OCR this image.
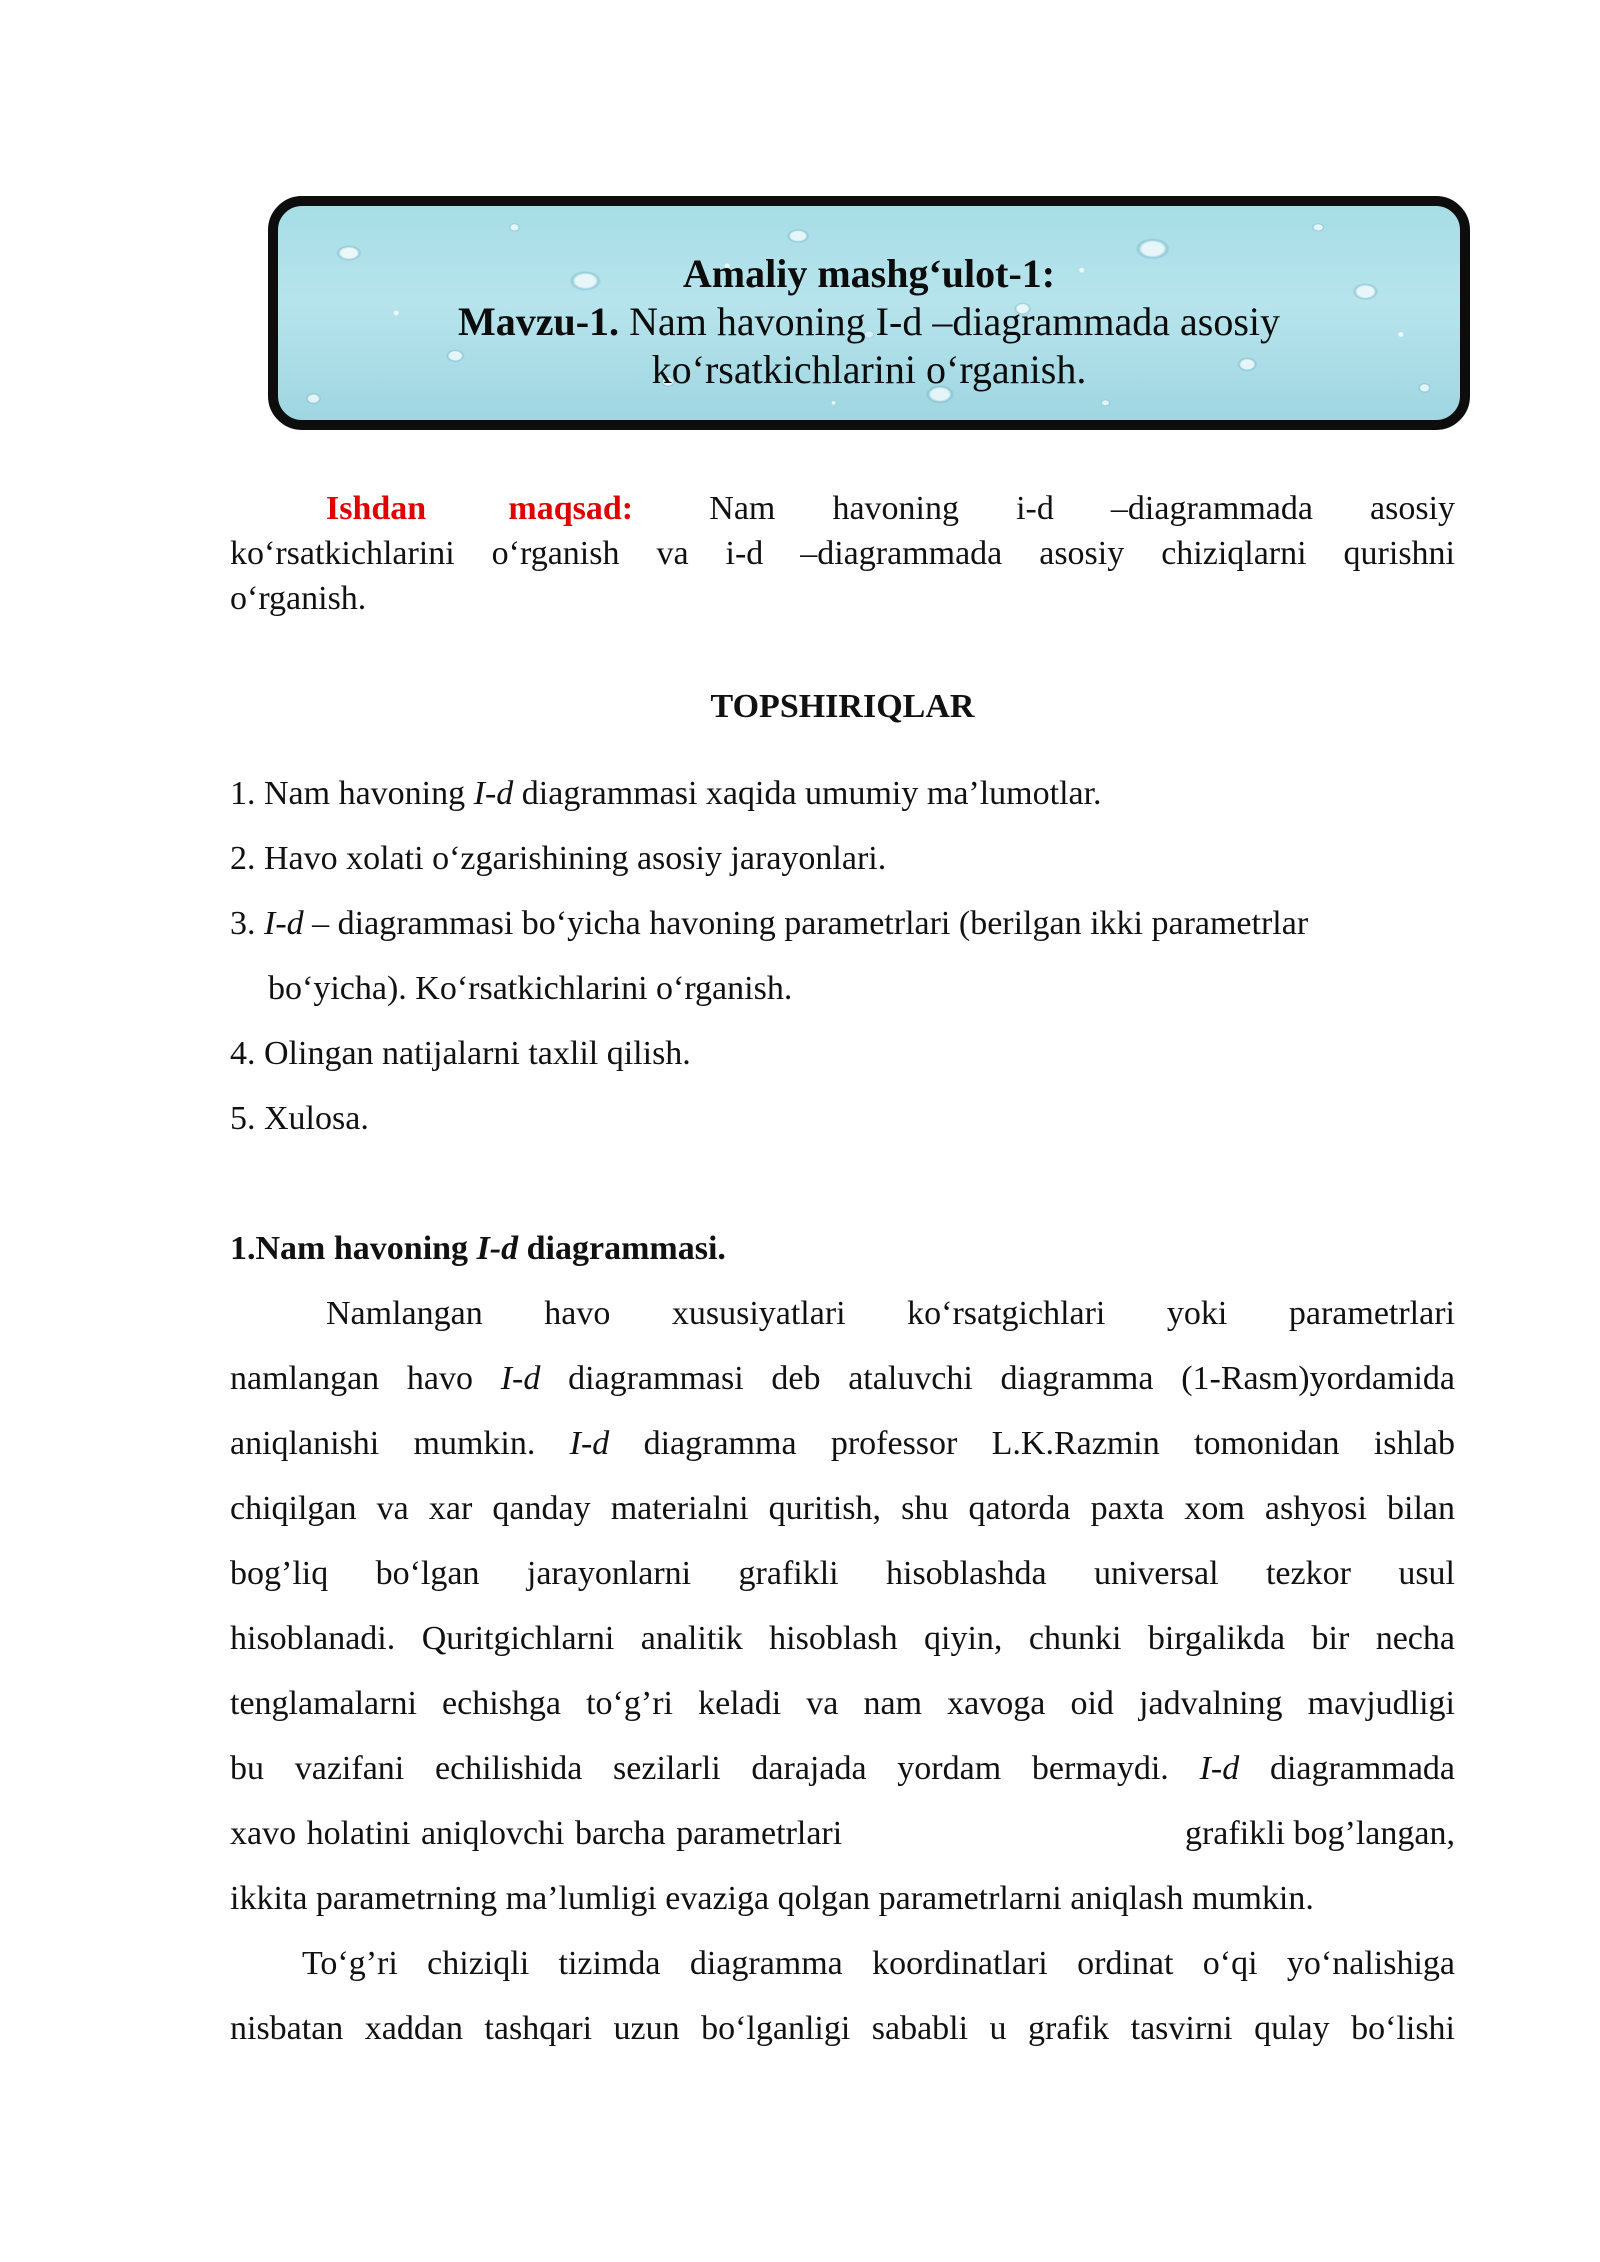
Amaliy mashg‘ulot-1:
Mavzu-1. Nam havoning I-d –diagrammada asosiy
ko‘rsatkichlarini o‘rganish.
Ishdan maqsad: Nam havoning i-d –diagrammada asosiy
ko‘rsatkichlarini o‘rganish va i-d –diagrammada asosiy chiziqlarni qurishni
o‘rganish.
TOPSHIRIQLAR
1. Nam havoning I-d diagrammasi xaqida umumiy ma’lumotlar.
2. Havo xolati o‘zgarishining asosiy jarayonlari.
3. I-d – diagrammasi bo‘yicha havoning parametrlari (berilgan ikki parametrlar
bo‘yicha). Ko‘rsatkichlarini o‘rganish.
4. Olingan natijalarni taxlil qilish.
5. Xulosa.
1.Nam havoning I-d diagrammasi.
Namlangan havo xususiyatlari ko‘rsatgichlari yoki parametrlari
namlangan havo I-d diagrammasi deb ataluvchi diagramma (1-Rasm)yordamida
aniqlanishi mumkin. I-d diagramma professor L.K.Razmin tomonidan ishlab
chiqilgan va xar qanday materialni quritish, shu qatorda paxta xom ashyosi bilan
bog’liq bo‘lgan jarayonlarni grafikli hisoblashda universal tezkor usul
hisoblanadi. Quritgichlarni analitik hisoblash qiyin, chunki birgalikda bir necha
tenglamalarni echishga to‘g’ri keladi va nam xavoga oid jadvalning mavjudligi
bu vazifani echilishida sezilarli darajada yordam bermaydi. I-d diagrammada
xavo holatini aniqlovchi barcha parametrlari	grafikli bog’langan,
ikkita parametrning ma’lumligi evaziga qolgan parametrlarni aniqlash mumkin.
To‘g’ri chiziqli tizimda diagramma koordinatlari ordinat o‘qi yo‘nalishiga
nisbatan xaddan tashqari uzun bo‘lganligi sababli u grafik tasvirni qulay bo‘lishi
